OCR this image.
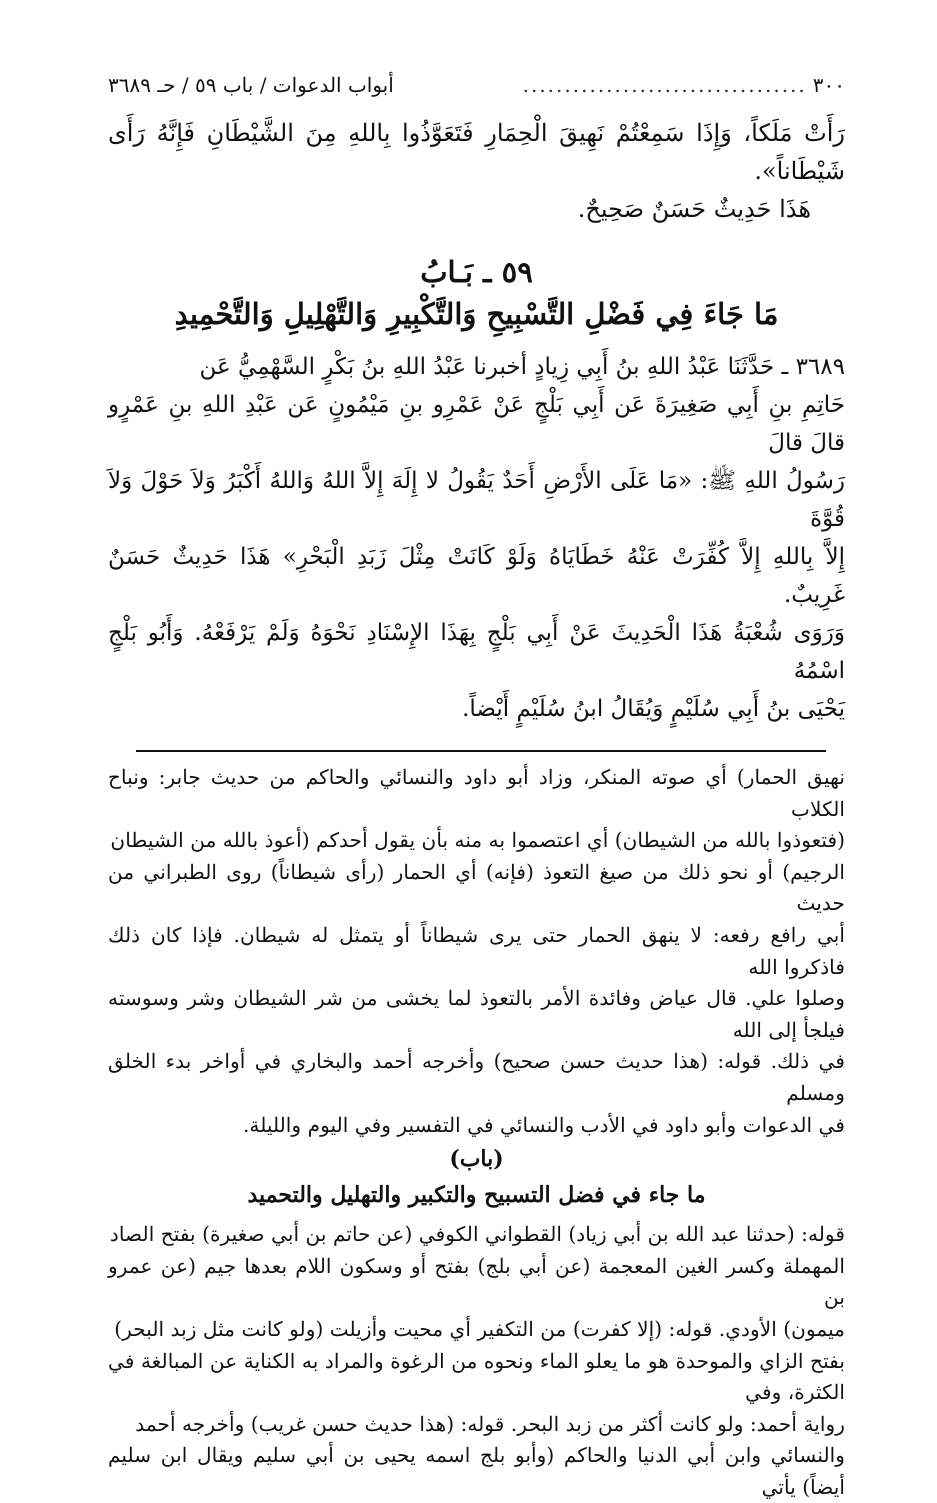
٣٠٠
..................................
أبواب الدعوات / باب ٥٩ / حـ ٣٦٨٩

رَأَتْ مَلَكاً، وَإِذَا سَمِعْتُمْ نَهِيقَ الْحِمَارِ فَتَعَوَّذُوا بِاللهِ مِنَ الشَّيْطَانِ فَإِنَّهُ رَأَى شَيْطَاناً».

هَذَا حَدِيثٌ حَسَنٌ صَحِيحٌ.

٥٩ ـ بَـابُ
مَا جَاءَ فِي فَضْلِ التَّسْبِيحِ وَالتَّكْبِيرِ وَالتَّهْلِيلِ وَالتَّحْمِيدِ

٣٦٨٩ ـ حَدَّثَنَا عَبْدُ اللهِ بنُ أَبِي زِيادٍ أخبرنا عَبْدُ اللهِ بنُ بَكْرٍ السَّهْمِيُّ عَن

حَاتِمِ بنِ أَبِي صَغِيرَةَ عَن أَبِي بَلْجٍ عَنْ عَمْرِو بنِ مَيْمُونٍ عَن عَبْدِ اللهِ بنِ عَمْرٍو قالَ قالَ

رَسُولُ اللهِ ﷺ: «مَا عَلَى الأَرْضِ أَحَدٌ يَقُولُ لا إِلَهَ إِلاَّ اللهُ وَاللهُ أَكْبَرُ وَلاَ حَوْلَ وَلاَ قُوَّةَ

إِلاَّ بِاللهِ إِلاَّ كُفِّرَتْ عَنْهُ خَطَايَاهُ وَلَوْ كَانَتْ مِثْلَ زَبَدِ الْبَحْرِ» هَذَا حَدِيثٌ حَسَنٌ غَرِيبٌ.

وَرَوَى شُعْبَةُ هَذَا الْحَدِيثَ عَنْ أَبِي بَلْجٍ بِهَذَا الإِسْنَادِ نَحْوَهُ وَلَمْ يَرْفَعْهُ. وَأَبُو بَلْجٍ اسْمُهُ

يَحْيَى بنُ أَبِي سُلَيْمٍ وَيُقَالُ ابنُ سُلَيْمٍ أَيْضاً.

نهيق الحمار) أي صوته المنكر، وزاد أبو داود والنسائي والحاكم من حديث جابر: ونباح الكلاب

(فتعوذوا بالله من الشيطان) أي اعتصموا به منه بأن يقول أحدكم (أعوذ بالله من الشيطان

الرجيم) أو نحو ذلك من صيغ التعوذ (فإنه) أي الحمار (رأى شيطاناً) روى الطبراني من حديث

أبي رافع رفعه: لا ينهق الحمار حتى يرى شيطاناً أو يتمثل له شيطان. فإذا كان ذلك فاذكروا الله

وصلوا علي. قال عياض وفائدة الأمر بالتعوذ لما يخشى من شر الشيطان وشر وسوسته فيلجأ إلى الله

في ذلك. قوله: (هذا حديث حسن صحيح) وأخرجه أحمد والبخاري في أواخر بدء الخلق ومسلم

في الدعوات وأبو داود في الأدب والنسائي في التفسير وفي اليوم والليلة.

(باب)
ما جاء في فضل التسبيح والتكبير والتهليل والتحميد

قوله: (حدثنا عبد الله بن أبي زياد) القطواني الكوفي (عن حاتم بن أبي صغيرة) بفتح الصاد

المهملة وكسر الغين المعجمة (عن أبي بلج) بفتح أو وسكون اللام بعدها جيم (عن عمرو بن

ميمون) الأودي. قوله: (إلا كفرت) من التكفير أي محيت وأزيلت (ولو كانت مثل زبد البحر)

بفتح الزاي والموحدة هو ما يعلو الماء ونحوه من الرغوة والمراد به الكناية عن المبالغة في الكثرة، وفي

رواية أحمد: ولو كانت أكثر من زبد البحر. قوله: (هذا حديث حسن غريب) وأخرجه أحمد

والنسائي وابن أبي الدنيا والحاكم (وأبو بلج اسمه يحيى بن أبي سليم ويقال ابن سليم أيضاً) يأتي
